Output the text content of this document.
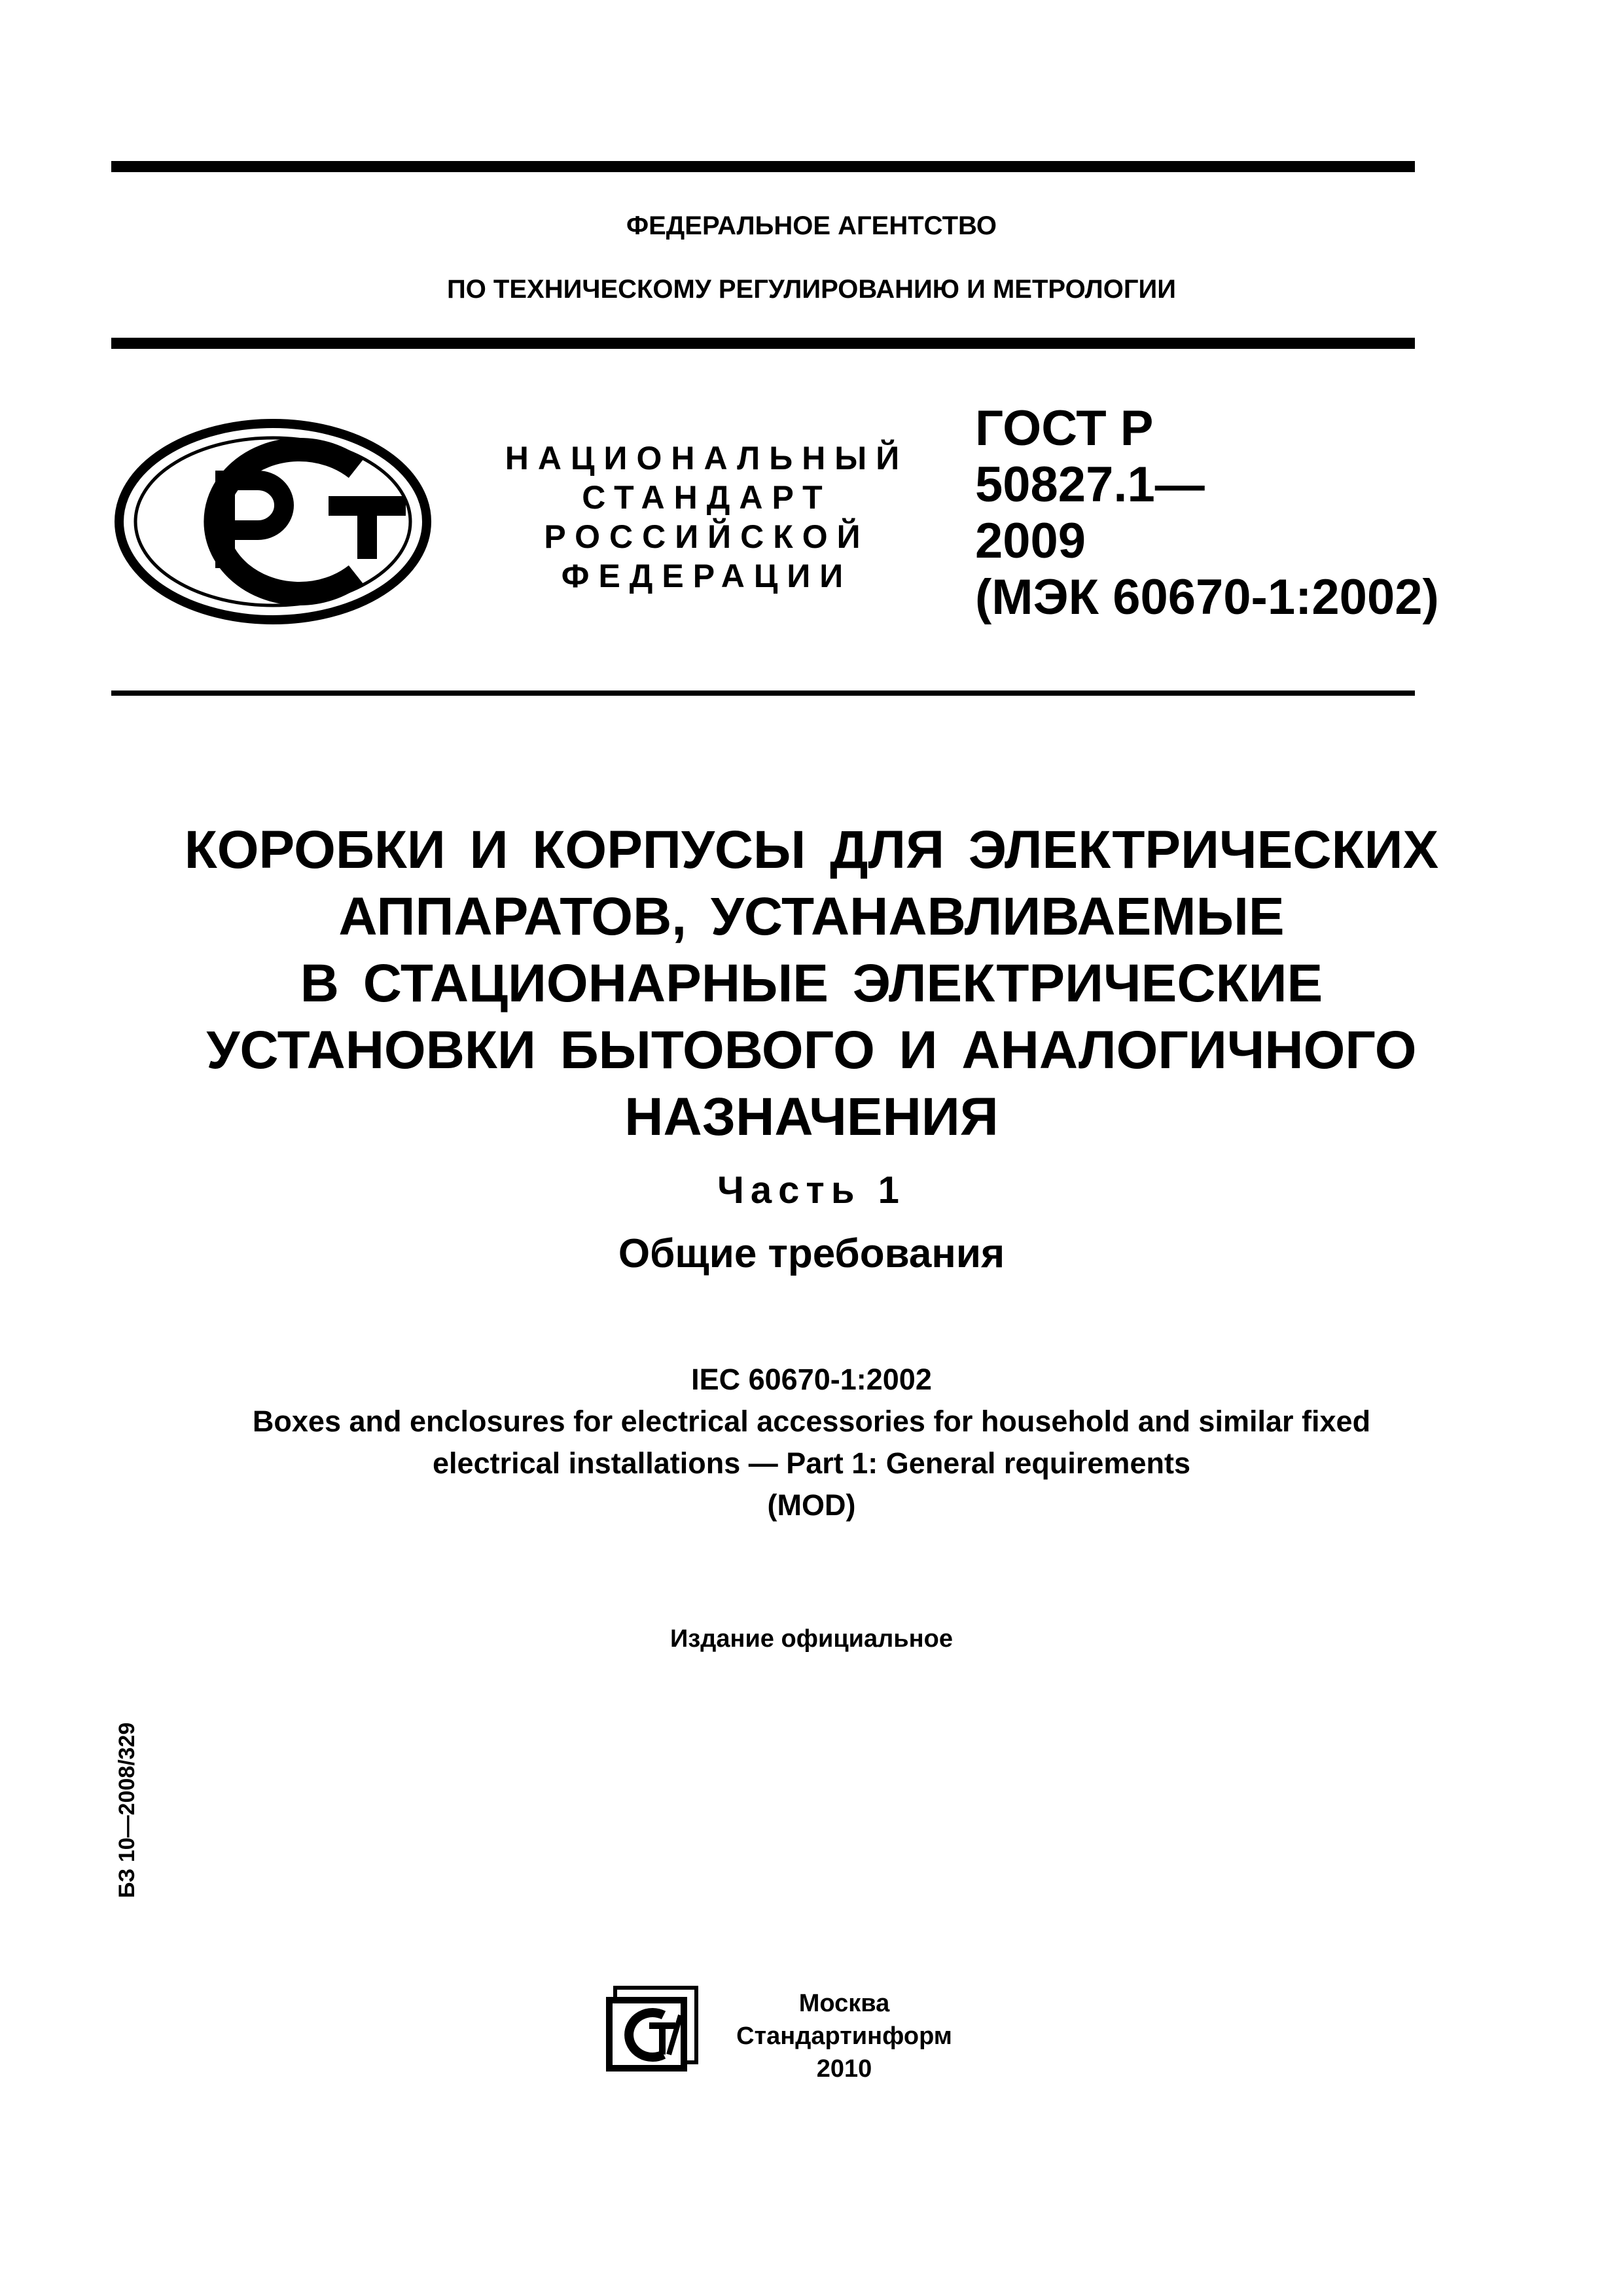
ФЕДЕРАЛЬНОЕ АГЕНТСТВО
ПО ТЕХНИЧЕСКОМУ РЕГУЛИРОВАНИЮ И МЕТРОЛОГИИ
НАЦИОНАЛЬНЫЙ
СТАНДАРТ
РОССИЙСКОЙ
ФЕДЕРАЦИИ
ГОСТ Р
50827.1—
2009
(МЭК 60670-1:2002)
КОРОБКИ И КОРПУСЫ ДЛЯ ЭЛЕКТРИЧЕСКИХ
АППАРАТОВ, УСТАНАВЛИВАЕМЫЕ
В СТАЦИОНАРНЫЕ ЭЛЕКТРИЧЕСКИЕ
УСТАНОВКИ БЫТОВОГО И АНАЛОГИЧНОГО
НАЗНАЧЕНИЯ
Часть 1
Общие требования
IEC 60670-1:2002
Boxes and enclosures for electrical accessories for household and similar fixed
electrical installations — Part 1: General requirements
(MOD)
Издание официальное
БЗ 10—2008/329
Москва
Стандартинформ
2010
